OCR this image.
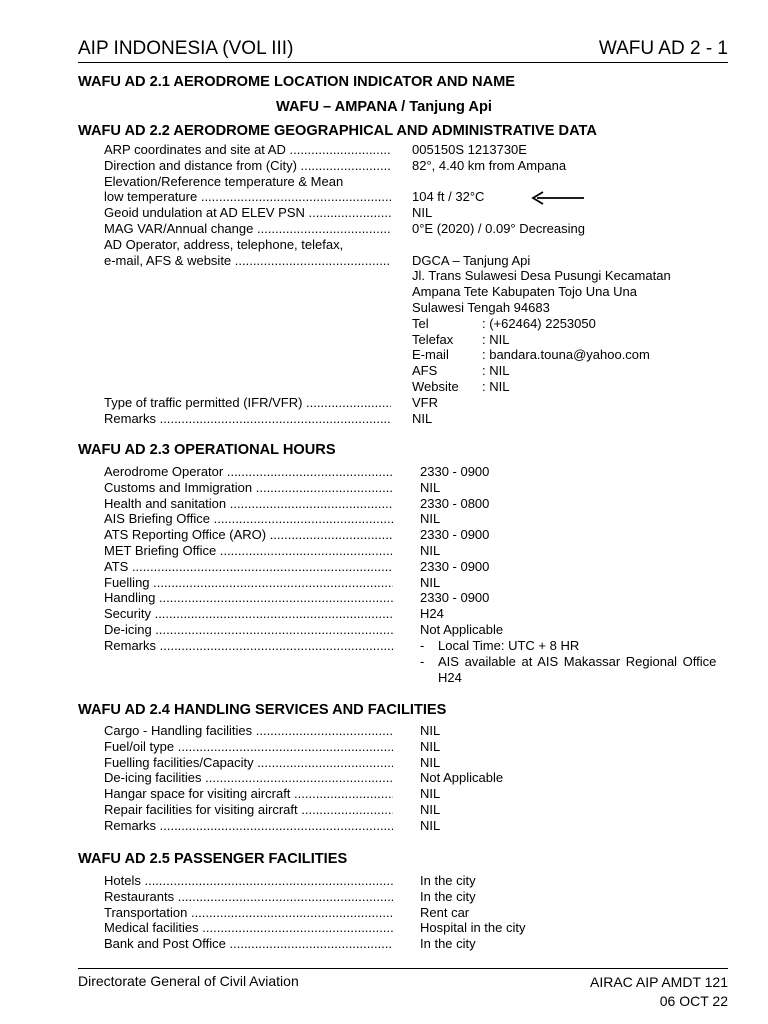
AIP INDONESIA (VOL III)	WAFU AD 2 - 1
WAFU AD 2.1 AERODROME LOCATION INDICATOR AND NAME
WAFU – AMPANA / Tanjung Api
WAFU AD 2.2 AERODROME GEOGRAPHICAL AND ADMINISTRATIVE DATA
ARP coordinates and site at AD .....	005150S 1213730E
Direction and distance from (City) .....	82°, 4.40 km from Ampana
Elevation/Reference temperature & Mean
low temperature .....	104 ft / 32°C
Geoid undulation at AD ELEV PSN .....	NIL
MAG VAR/Annual change .....	0°E (2020) / 0.09° Decreasing
AD Operator, address, telephone, telefax,
e-mail, AFS & website .....	DGCA – Tanjung Api
Jl. Trans Sulawesi Desa Pusungi Kecamatan
Ampana Tete Kabupaten Tojo Una Una
Sulawesi Tengah 94683
Tel	: (+62464) 2253050
Telefax : NIL
E-mail	: bandara.touna@yahoo.com
AFS	: NIL
Website : NIL
Type of traffic permitted (IFR/VFR) .....	VFR
Remarks .....	NIL
WAFU AD 2.3 OPERATIONAL HOURS
Aerodrome Operator .....	2330 - 0900
Customs and Immigration .....	NIL
Health and sanitation .....	2330 - 0800
AIS Briefing Office .....	NIL
ATS Reporting Office (ARO) .....	2330 - 0900
MET Briefing Office .....	NIL
ATS .....	2330 - 0900
Fuelling .....	NIL
Handling .....	2330 - 0900
Security .....	H24
De-icing .....	Not Applicable
Remarks .....	- Local Time: UTC + 8 HR
- AIS available at AIS Makassar Regional Office H24
WAFU AD 2.4 HANDLING SERVICES AND FACILITIES
Cargo - Handling facilities .....	NIL
Fuel/oil type .....	NIL
Fuelling facilities/Capacity .....	NIL
De-icing facilities .....	Not Applicable
Hangar space for visiting aircraft .....	NIL
Repair facilities for visiting aircraft .....	NIL
Remarks .....	NIL
WAFU AD 2.5 PASSENGER FACILITIES
Hotels .....	In the city
Restaurants .....	In the city
Transportation .....	Rent car
Medical facilities .....	Hospital in the city
Bank and Post Office .....	In the city
Directorate General of Civil Aviation	AIRAC AIP AMDT 121
06 OCT 22
